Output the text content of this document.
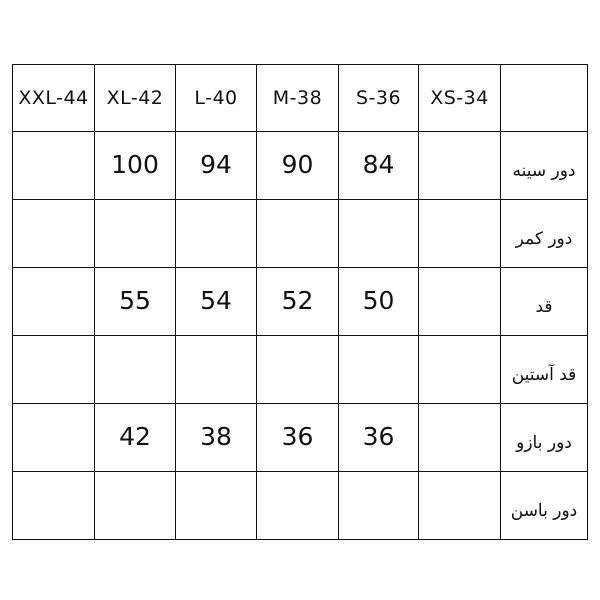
XXL-44	XL-42	L-40	M-38	S-36	XS-34	

	100	94	90	84		دور سینه

						دور کمر

	55	54	52	50		قد

						قد آستین

	42	38	36	36		دور بازو

						دور باسن
